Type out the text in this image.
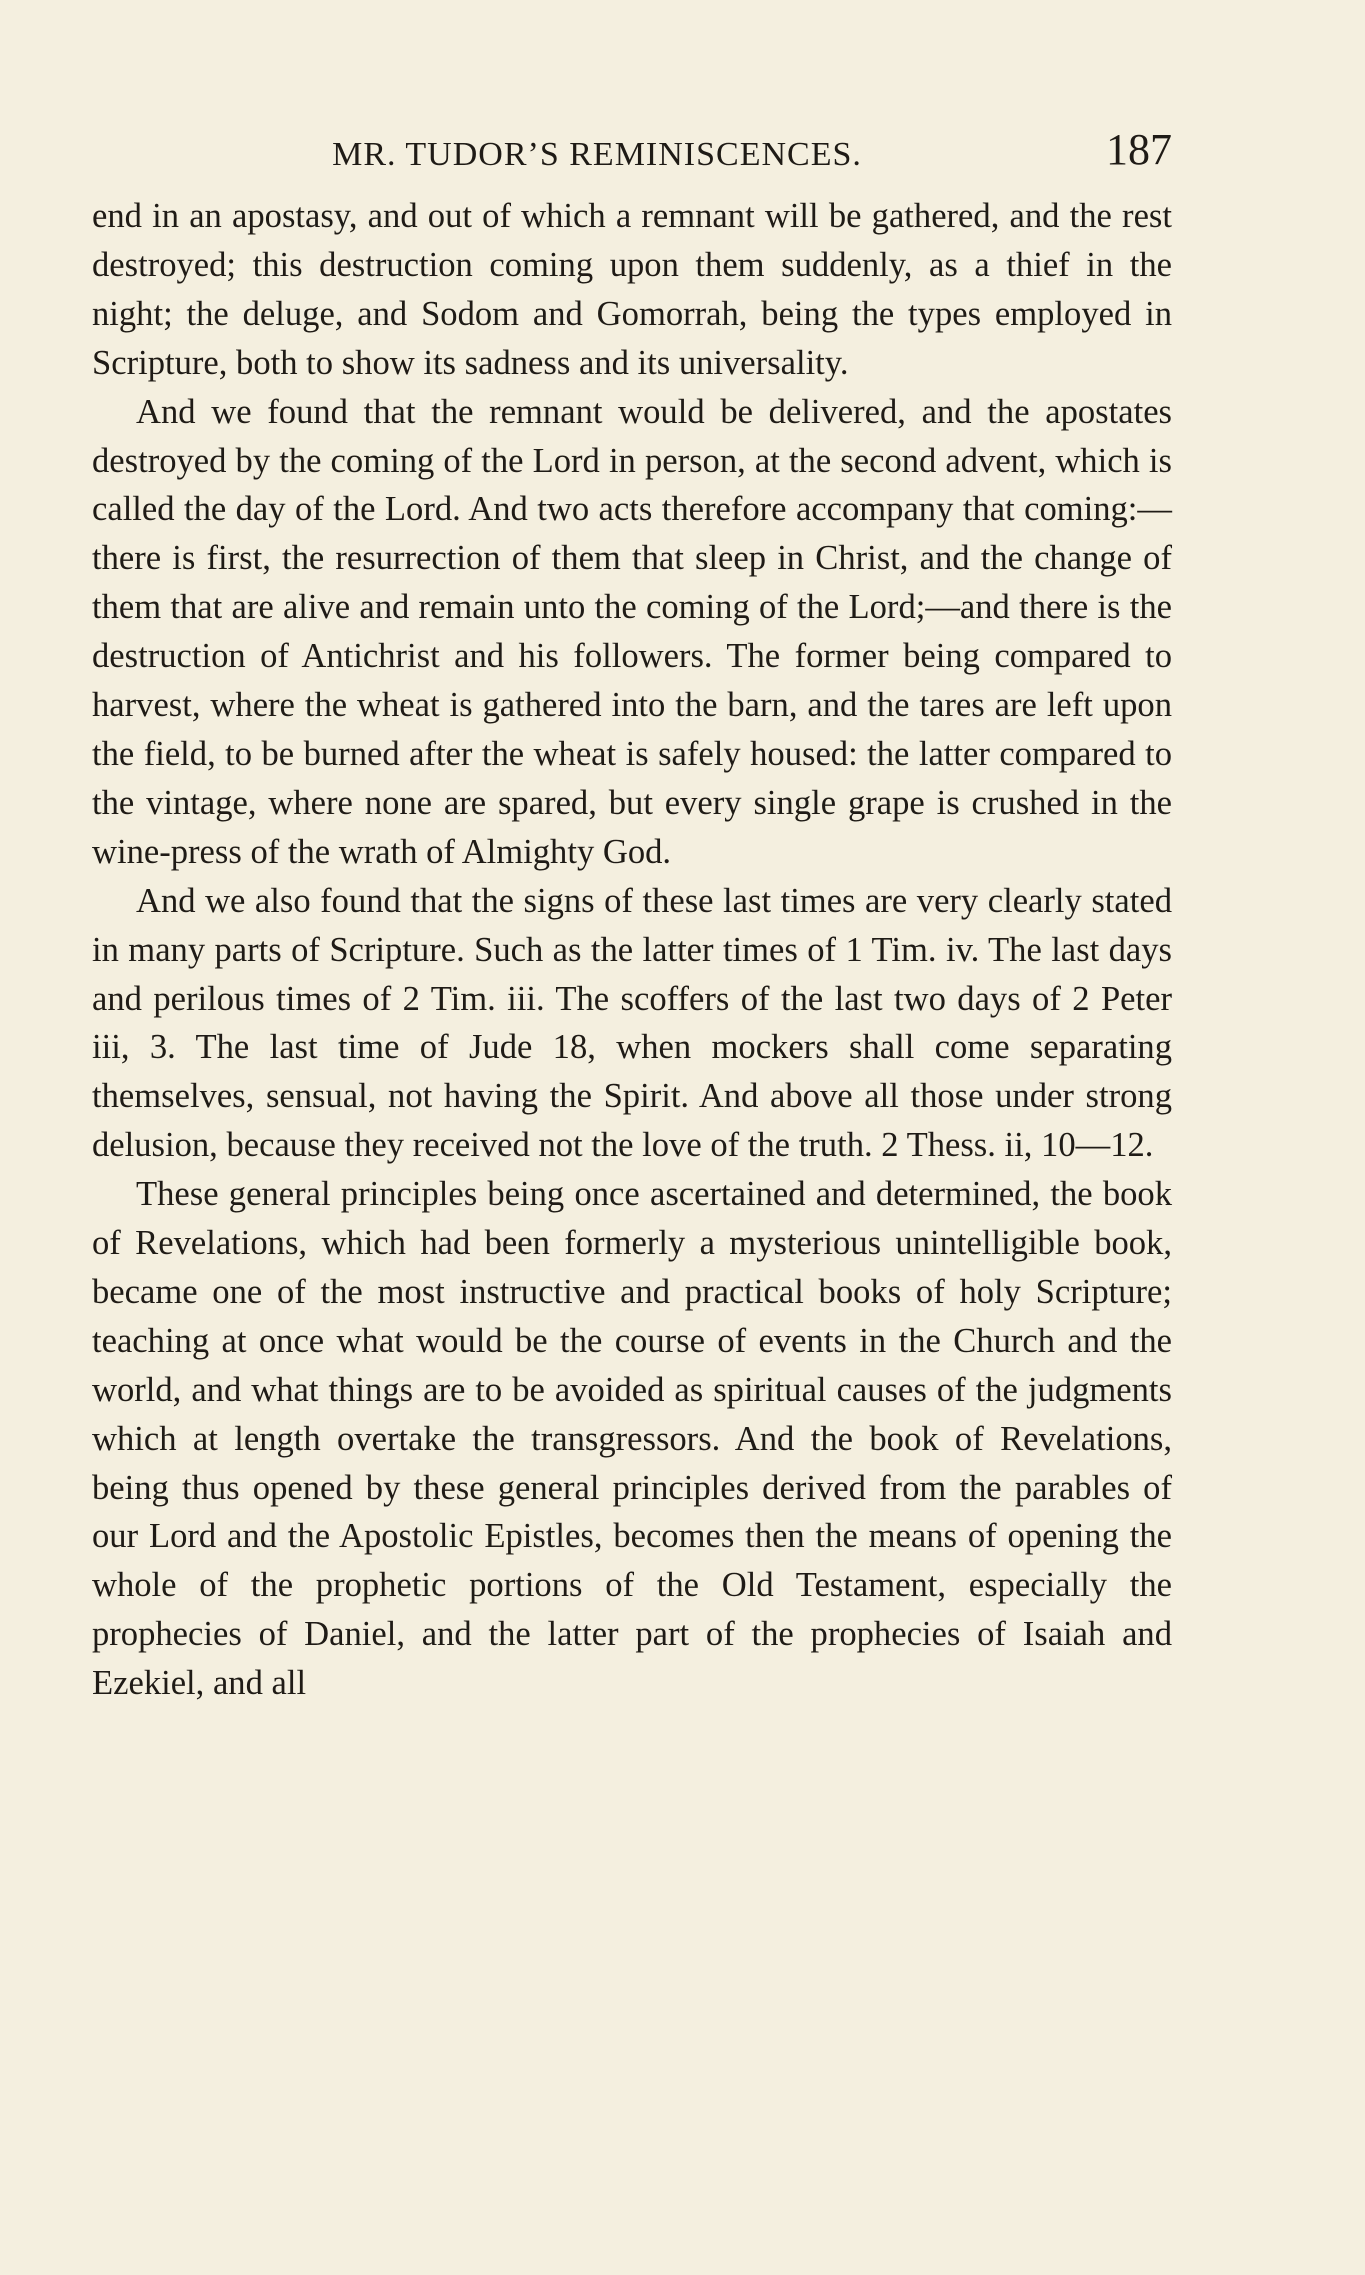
MR. TUDOR’S REMINISCENCES.	187

end in an apostasy, and out of which a remnant will be gathered, and the rest destroyed; this destruction coming upon them suddenly, as a thief in the night; the deluge, and Sodom and Gomorrah, being the types employed in Scripture, both to show its sadness and its universality.

And we found that the remnant would be delivered, and the apostates destroyed by the coming of the Lord in person, at the second advent, which is called the day of the Lord. And two acts therefore accompany that coming:—there is first, the resurrection of them that sleep in Christ, and the change of them that are alive and remain unto the coming of the Lord;—and there is the destruction of Antichrist and his followers. The former being compared to harvest, where the wheat is gathered into the barn, and the tares are left upon the field, to be burned after the wheat is safely housed: the latter compared to the vintage, where none are spared, but every single grape is crushed in the wine-press of the wrath of Almighty God.

And we also found that the signs of these last times are very clearly stated in many parts of Scripture. Such as the latter times of 1 Tim. iv. The last days and perilous times of 2 Tim. iii. The scoffers of the last two days of 2 Peter iii, 3. The last time of Jude 18, when mockers shall come separating themselves, sensual, not having the Spirit. And above all those under strong delusion, because they received not the love of the truth. 2 Thess. ii, 10—12.

These general principles being once ascertained and determined, the book of Revelations, which had been formerly a mysterious unintelligible book, became one of the most instructive and practical books of holy Scripture; teaching at once what would be the course of events in the Church and the world, and what things are to be avoided as spiritual causes of the judgments which at length overtake the transgressors. And the book of Revelations, being thus opened by these general principles derived from the parables of our Lord and the Apostolic Epistles, becomes then the means of opening the whole of the prophetic portions of the Old Testament, especially the prophecies of Daniel, and the latter part of the prophecies of Isaiah and Ezekiel, and all
